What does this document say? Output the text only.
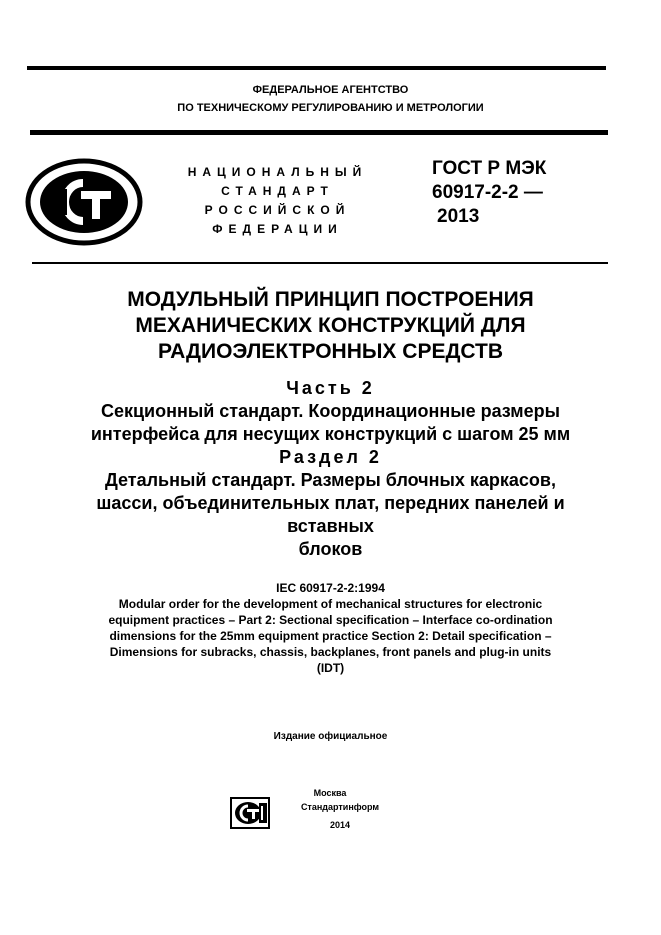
ФЕДЕРАЛЬНОЕ АГЕНТСТВО
ПО ТЕХНИЧЕСКОМУ РЕГУЛИРОВАНИЮ И МЕТРОЛОГИИ
НАЦИОНАЛЬНЫЙ
СТАНДАРТ
РОССИЙСКОЙ
ФЕДЕРАЦИИ
ГОСТ Р МЭК
60917-2-2 —
2013
МОДУЛЬНЫЙ ПРИНЦИП ПОСТРОЕНИЯ
МЕХАНИЧЕСКИХ КОНСТРУКЦИЙ ДЛЯ
РАДИОЭЛЕКТРОННЫХ СРЕДСТВ
Часть 2
Секционный стандарт. Координационные размеры
интерфейса для несущих конструкций с шагом 25 мм
Раздел 2
Детальный стандарт. Размеры блочных каркасов,
шасси, объединительных плат, передних панелей и
вставных
блоков
IEC 60917-2-2:1994
Modular order for the development of mechanical structures for electronic
equipment practices – Part 2: Sectional specification – Interface co-ordination
dimensions for the 25mm equipment practice Section 2: Detail specification –
Dimensions for subracks, chassis, backplanes, front panels and plug-in units
(IDT)
Издание официальное
Москва
Стандартинформ
2014
